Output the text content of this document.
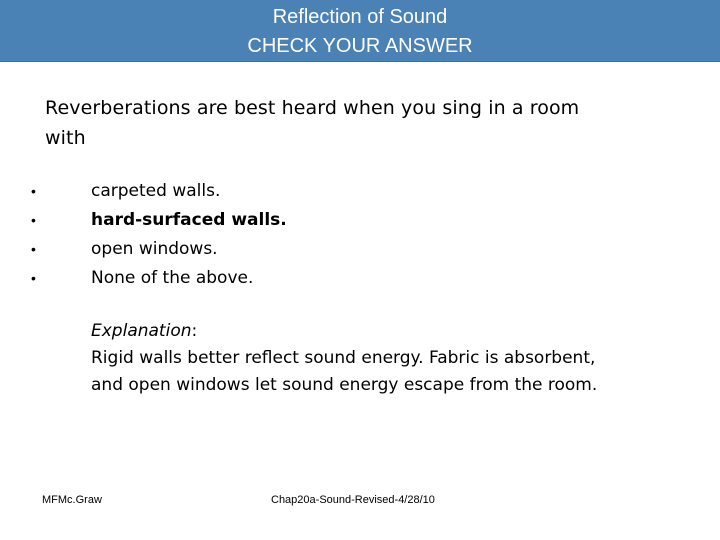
Reflection of Sound
CHECK YOUR ANSWER
Reverberations are best heard when you sing in a room
with
•	carpeted walls.
•	hard-surfaced walls.
•	open windows.
•	None of the above.
Explanation:
Rigid walls better reflect sound energy. Fabric is absorbent,
and open windows let sound energy escape from the room.
MFMc.Graw	Chap20a-Sound-Revised-4/28/10
